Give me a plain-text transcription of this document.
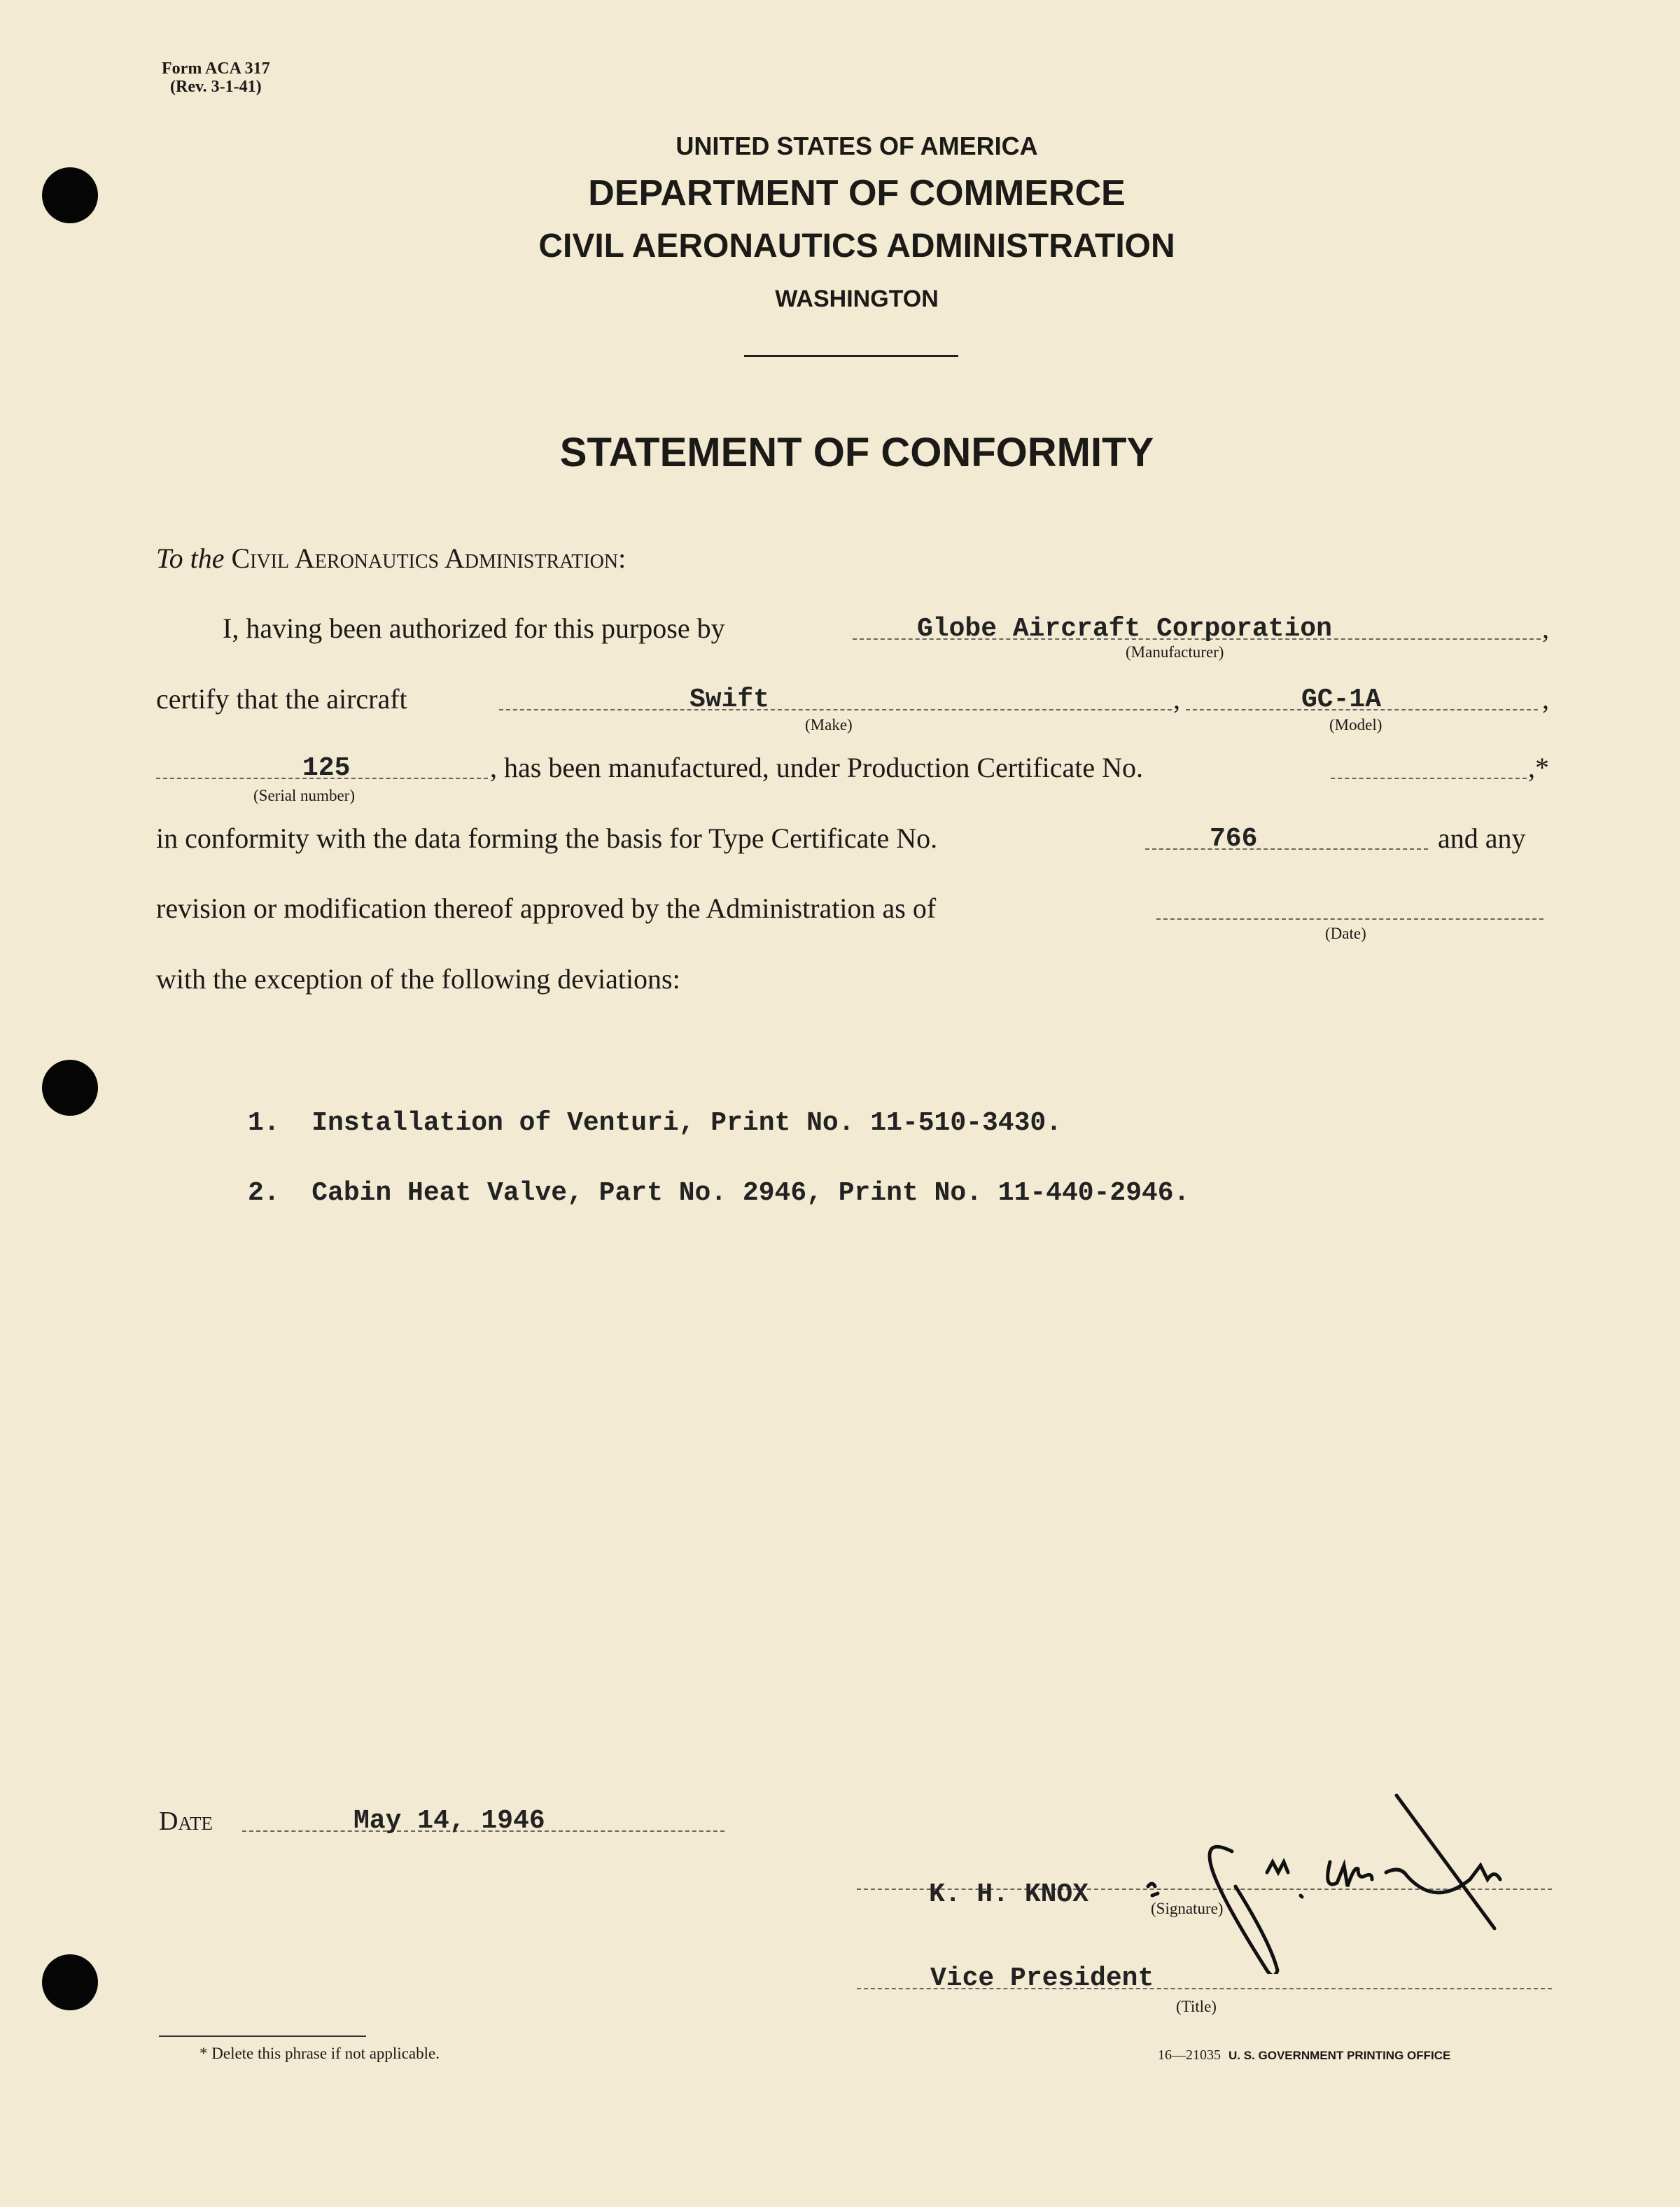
Form ACA 317
(Rev. 3-1-41)
UNITED STATES OF AMERICA
DEPARTMENT OF COMMERCE
CIVIL AERONAUTICS ADMINISTRATION
WASHINGTON
STATEMENT OF CONFORMITY
To the Civil Aeronautics Administration:
I, having been authorized for this purpose by	Globe Aircraft Corporation	,
(Manufacturer)
certify that the aircraft	Swift	,
(Make)
GC-1A	,
(Model)
125
(Serial number)
, has been manufactured, under Production Certificate No.	,*
in conformity with the data forming the basis for Type Certificate No.	766	and any
revision or modification thereof approved by the Administration as of
(Date)
with the exception of the following deviations:
1.  Installation of Venturi, Print No. 11-510-3430.
2.  Cabin Heat Valve, Part No. 2946, Print No. 11-440-2946.
Date	May 14, 1946
K. H. KNOX	(Signature)
Vice President
(Title)
* Delete this phrase if not applicable.	16—21035 U. S. GOVERNMENT PRINTING OFFICE
